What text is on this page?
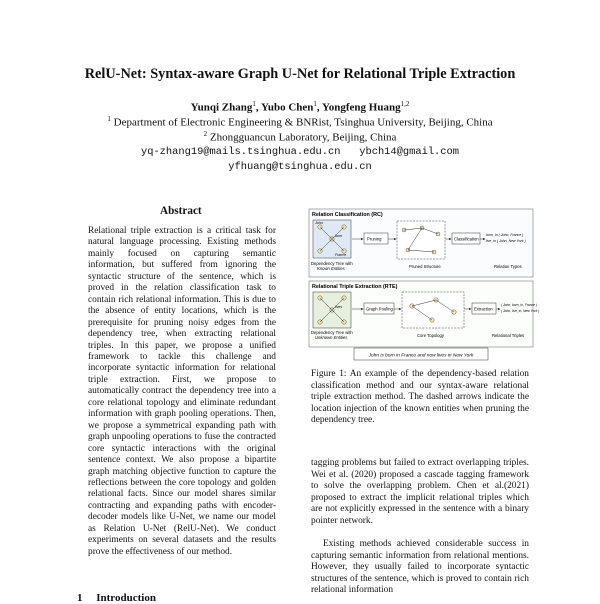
RelU-Net: Syntax-aware Graph U-Net for Relational Triple Extraction
Yunqi Zhang$^1$, Yubo Chen$^1$, Yongfeng Huang$^{1,2}$
$^1$ Department of Electronic Engineering & BNRist, Tsinghua University, Beijing, China
$^2$ Zhongguancun Laboratory, Beijing, China
yq-zhang19@mails.tsinghua.edu.cn ybch14@gmail.com
yfhuang@tsinghua.edu.cn
Abstract
Relational triple extraction is a critical task for natural language processing. Existing methods mainly focused on capturing semantic information, but suffered from ignoring the syntactic structure of the sentence, which is proved in the relation classification task to contain rich relational information. This is due to the absence of entity locations, which is the prerequisite for pruning noisy edges from the dependency tree, when extracting relational triples. In this paper, we propose a unified framework to tackle this challenge and incorporate syntactic information for relational triple extraction. First, we propose to automatically contract the dependency tree into a core relational topology and eliminate redundant information with graph pooling operations. Then, we propose a symmetrical expanding path with graph unpooling operations to fuse the contracted core syntactic interactions with the original sentence context. We also propose a bipartite graph matching objective function to capture the reflections between the core topology and golden relational facts. Since our model shares similar contracting and expanding paths with encoder-decoder models like U-Net, we name our model as Relation U-Net (RelU-Net). We conduct experiments on several datasets and the results prove the effectiveness of our method.
Relation Classification (RC)
John
born
France
Dependency Tree with
Known Entities
Pruning
Pruned Structure
Classification
born_in ( John, France )
live_in ( John, New York )
Relation Types
Relational Triple Extraction (RTE)
lives
Dependency Tree with
Unknown Entities
Graph Pooling
Core Topology
Extraction
( John, born_in, France )
( John, live_in, New York )
Relational Triples
John is born in France and now lives in New York
Figure 1: An example of the dependency-based relation classification method and our syntax-aware relational triple extraction method. The dashed arrows indicate the location injection of the known entities when pruning the dependency tree.
tagging problems but failed to extract overlapping triples. Wei et al. (2020) proposed a cascade tagging framework to solve the overlapping problem. Chen et al.(2021) proposed to extract the implicit relational triples which are not explicitly expressed in the sentence with a binary pointer network.
Existing methods achieved considerable success in capturing semantic information from relational mentions. However, they usually failed to incorporate syntactic structures of the sentence, which is proved to contain rich relational information
1 Introduction
